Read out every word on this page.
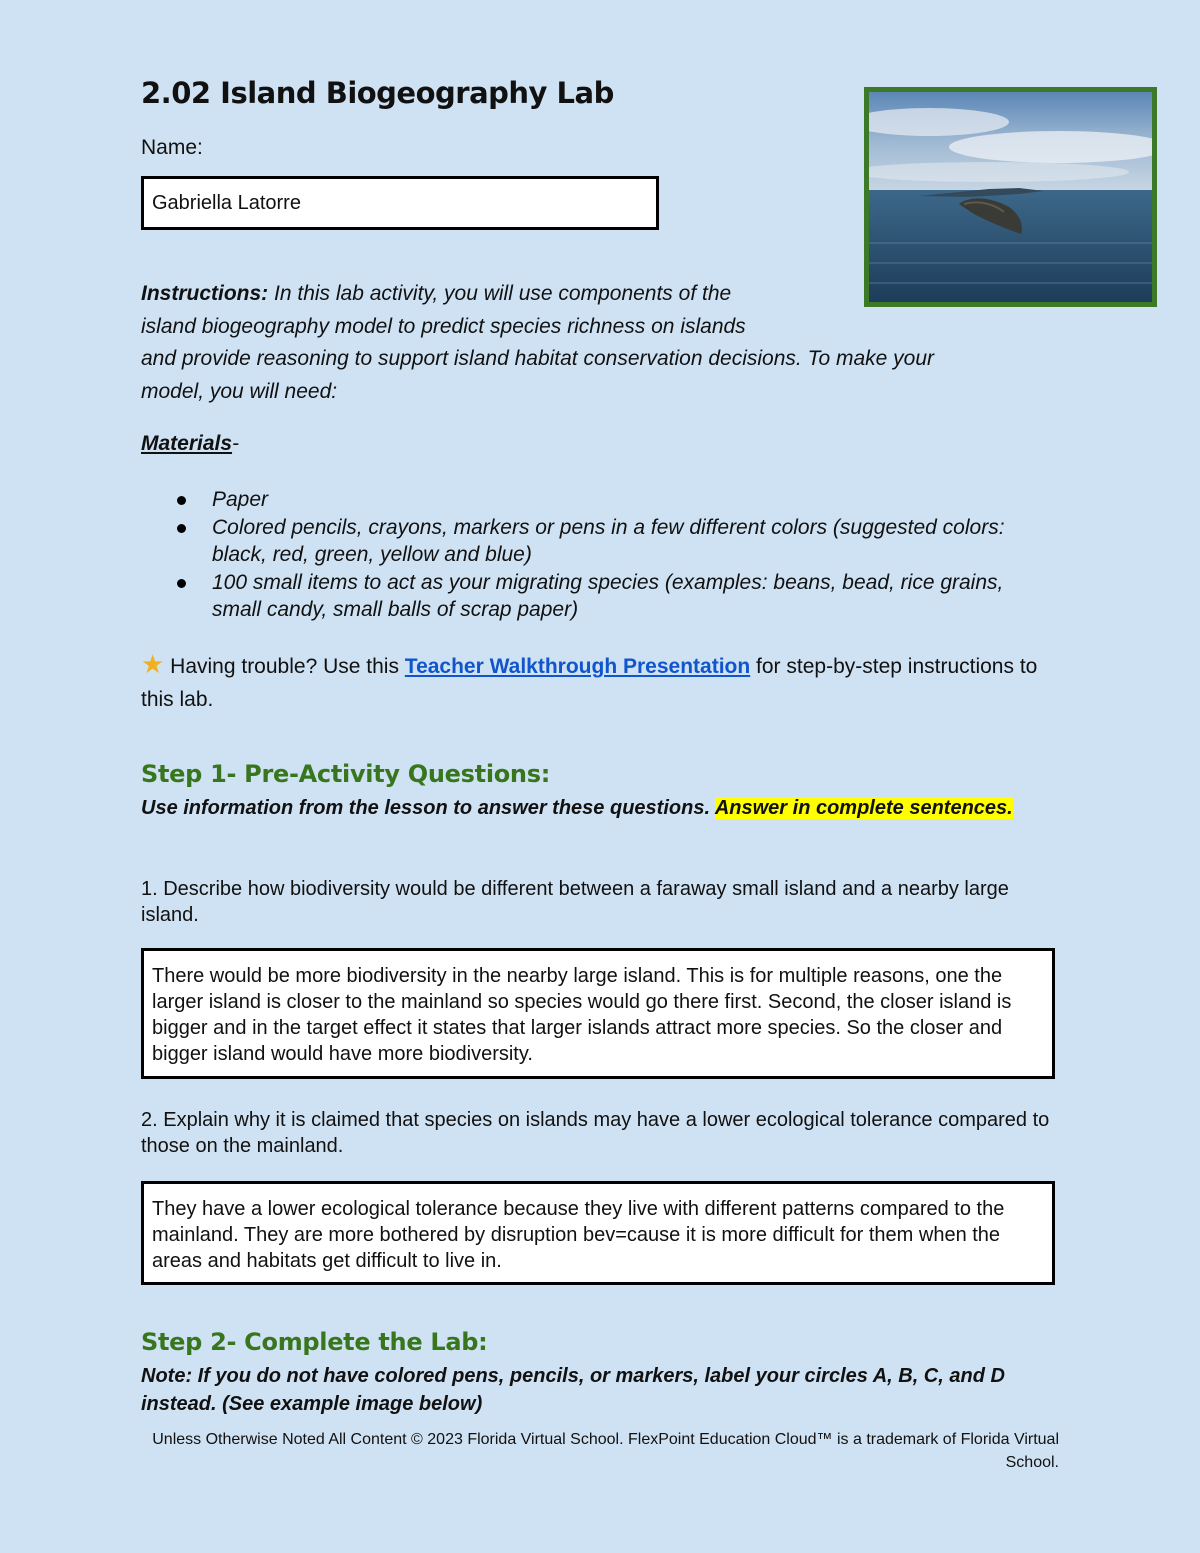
2.02 Island Biogeography Lab
Name:
Gabriella Latorre
Instructions: In this lab activity, you will use components of the
island biogeography model to predict species richness on islands
and provide reasoning to support island habitat conservation decisions. To make your
model, you will need:
Materials-
Paper
Colored pencils, crayons, markers or pens in a few different colors (suggested colors: black, red, green, yellow and blue)
100 small items to act as your migrating species (examples: beans, bead, rice grains, small candy, small balls of scrap paper)
★ Having trouble? Use this Teacher Walkthrough Presentation for step-by-step instructions to this lab.
Step 1- Pre-Activity Questions:
Use information from the lesson to answer these questions. Answer in complete sentences.
1. Describe how biodiversity would be different between a faraway small island and a nearby large island.
There would be more biodiversity in the nearby large island. This is for multiple reasons, one the larger island is closer to the mainland so species would go there first. Second, the closer island is bigger and in the target effect it states that larger islands attract more species. So the closer and bigger island would have more biodiversity.
2. Explain why it is claimed that species on islands may have a lower ecological tolerance compared to those on the mainland.
They have a lower ecological tolerance because they live with different patterns compared to the mainland. They are more bothered by disruption bev=cause it is more difficult for them when the areas and habitats get difficult to live in.
Step 2- Complete the Lab:
Note: If you do not have colored pens, pencils, or markers, label your circles A, B, C, and D instead. (See example image below)
Unless Otherwise Noted All Content © 2023 Florida Virtual School. FlexPoint Education Cloud™ is a trademark of Florida Virtual School.
